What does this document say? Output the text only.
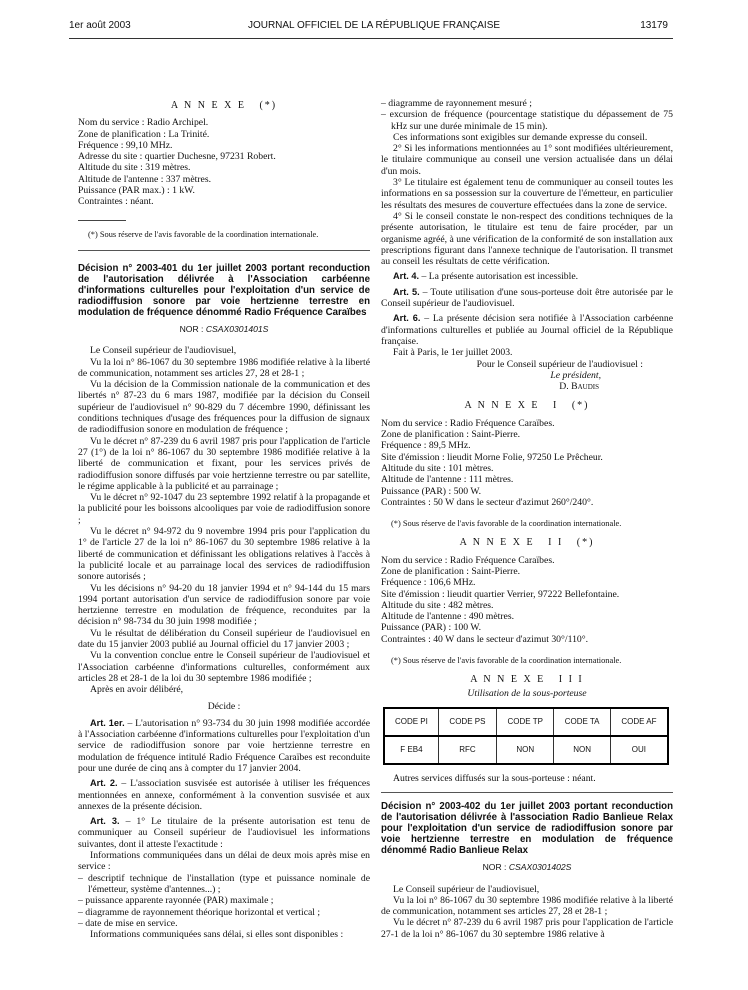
1er août 2003	JOURNAL OFFICIEL DE LA RÉPUBLIQUE FRANÇAISE	13179

A N N E X E   (*)

Nom du service : Radio Archipel.

Zone de planification : La Trinité.

Fréquence : 99,10 MHz.

Adresse du site : quartier Duchesne, 97231 Robert.

Altitude du site : 319 mètres.

Altitude de l'antenne : 337 mètres.

Puissance (PAR max.) : 1 kW.

Contraintes : néant.

(*) Sous réserve de l'avis favorable de la coordination internationale.

Décision n° 2003-401 du 1er juillet 2003 portant reconduction de l'autorisation délivrée à l'Association carbéenne d'informations culturelles pour l'exploitation d'un service de radiodiffusion sonore par voie hertzienne terrestre en modulation de fréquence dénommé Radio Fréquence Caraïbes

NOR : CSAX0301401S

Le Conseil supérieur de l'audiovisuel,

Vu la loi n° 86-1067 du 30 septembre 1986 modifiée relative à la liberté de communication, notamment ses articles 27, 28 et 28-1 ;

Vu la décision de la Commission nationale de la communication et des libertés n° 87-23 du 6 mars 1987, modifiée par la décision du Conseil supérieur de l'audiovisuel n° 90-829 du 7 décembre 1990, définissant les conditions techniques d'usage des fréquences pour la diffusion de signaux de radiodiffusion sonore en modulation de fréquence ;

Vu le décret n° 87-239 du 6 avril 1987 pris pour l'application de l'article 27 (1°) de la loi n° 86-1067 du 30 septembre 1986 modifiée relative à la liberté de communication et fixant, pour les services privés de radiodiffusion sonore diffusés par voie hertzienne terrestre ou par satellite, le régime applicable à la publicité et au parrainage ;

Vu le décret n° 92-1047 du 23 septembre 1992 relatif à la propagande et la publicité pour les boissons alcooliques par voie de radiodiffusion sonore ;

Vu le décret n° 94-972 du 9 novembre 1994 pris pour l'application du 1° de l'article 27 de la loi n° 86-1067 du 30 septembre 1986 relative à la liberté de communication et définissant les obligations relatives à l'accès à la publicité locale et au parrainage local des services de radiodiffusion sonore autorisés ;

Vu les décisions n° 94-20 du 18 janvier 1994 et n° 94-144 du 15 mars 1994 portant autorisation d'un service de radiodiffusion sonore par voie hertzienne terrestre en modulation de fréquence, reconduites par la décision n° 98-734 du 30 juin 1998 modifiée ;

Vu le résultat de délibération du Conseil supérieur de l'audiovisuel en date du 15 janvier 2003 publié au Journal officiel du 17 janvier 2003 ;

Vu la convention conclue entre le Conseil supérieur de l'audiovisuel et l'Association carbéenne d'informations culturelles, conformément aux articles 28 et 28-1 de la loi du 30 septembre 1986 modifiée ;

Après en avoir délibéré,

Décide :

Art. 1er. – L'autorisation n° 93-734 du 30 juin 1998 modifiée accordée à l'Association carbéenne d'informations culturelles pour l'exploitation d'un service de radiodiffusion sonore par voie hertzienne terrestre en modulation de fréquence intitulé Radio Fréquence Caraïbes est reconduite pour une durée de cinq ans à compter du 17 janvier 2004.

Art. 2. – L'association susvisée est autorisée à utiliser les fréquences mentionnées en annexe, conformément à la convention susvisée et aux annexes de la présente décision.

Art. 3. – 1° Le titulaire de la présente autorisation est tenu de communiquer au Conseil supérieur de l'audiovisuel les informations suivantes, dont il atteste l'exactitude :

Informations communiquées dans un délai de deux mois après mise en service :

– descriptif technique de l'installation (type et puissance nominale de l'émetteur, système d'antennes...) ;

– puissance apparente rayonnée (PAR) maximale ;

– diagramme de rayonnement théorique horizontal et vertical ;

– date de mise en service.

Informations communiquées sans délai, si elles sont disponibles :

– diagramme de rayonnement mesuré ;

– excursion de fréquence (pourcentage statistique du dépassement de 75 kHz sur une durée minimale de 15 min).

Ces informations sont exigibles sur demande expresse du conseil.

2° Si les informations mentionnées au 1° sont modifiées ultérieurement, le titulaire communique au conseil une version actualisée dans un délai d'un mois.

3° Le titulaire est également tenu de communiquer au conseil toutes les informations en sa possession sur la couverture de l'émetteur, en particulier les résultats des mesures de couverture effectuées dans la zone de service.

4° Si le conseil constate le non-respect des conditions techniques de la présente autorisation, le titulaire est tenu de faire procéder, par un organisme agréé, à une vérification de la conformité de son installation aux prescriptions figurant dans l'annexe technique de l'autorisation. Il transmet au conseil les résultats de cette vérification.

Art. 4. – La présente autorisation est incessible.

Art. 5. – Toute utilisation d'une sous-porteuse doit être autorisée par le Conseil supérieur de l'audiovisuel.

Art. 6. – La présente décision sera notifiée à l'Association carbéenne d'informations culturelles et publiée au Journal officiel de la République française.

Fait à Paris, le 1er juillet 2003.

Pour le Conseil supérieur de l'audiovisuel :

Le président,

D. Baudis

A N N E X E   I   (*)

Nom du service : Radio Fréquence Caraïbes.

Zone de planification : Saint-Pierre.

Fréquence : 89,5 MHz.

Site d'émission : lieudit Morne Folie, 97250 Le Prêcheur.

Altitude du site : 101 mètres.

Altitude de l'antenne : 111 mètres.

Puissance (PAR) : 500 W.

Contraintes : 50 W dans le secteur d'azimut 260°/240°.

(*) Sous réserve de l'avis favorable de la coordination internationale.

A N N E X E   I I   (*)

Nom du service : Radio Fréquence Caraïbes.

Zone de planification : Saint-Pierre.

Fréquence : 106,6 MHz.

Site d'émission : lieudit quartier Verrier, 97222 Bellefontaine.

Altitude du site : 482 mètres.

Altitude de l'antenne : 490 mètres.

Puissance (PAR) : 100 W.

Contraintes : 40 W dans le secteur d'azimut 30°/110°.

(*) Sous réserve de l'avis favorable de la coordination internationale.

A N N E X E   I I I

Utilisation de la sous-porteuse

CODE PI	CODE PS	CODE TP	CODE TA	CODE AF
F EB4	RFC	NON	NON	OUI

Autres services diffusés sur la sous-porteuse : néant.

Décision n° 2003-402 du 1er juillet 2003 portant reconduction de l'autorisation délivrée à l'association Radio Banlieue Relax pour l'exploitation d'un service de radiodiffusion sonore par voie hertzienne terrestre en modulation de fréquence dénommé Radio Banlieue Relax

NOR : CSAX0301402S

Le Conseil supérieur de l'audiovisuel,

Vu la loi n° 86-1067 du 30 septembre 1986 modifiée relative à la liberté de communication, notamment ses articles 27, 28 et 28-1 ;

Vu le décret n° 87-239 du 6 avril 1987 pris pour l'application de l'article 27-1 de la loi n° 86-1067 du 30 septembre 1986 relative à
